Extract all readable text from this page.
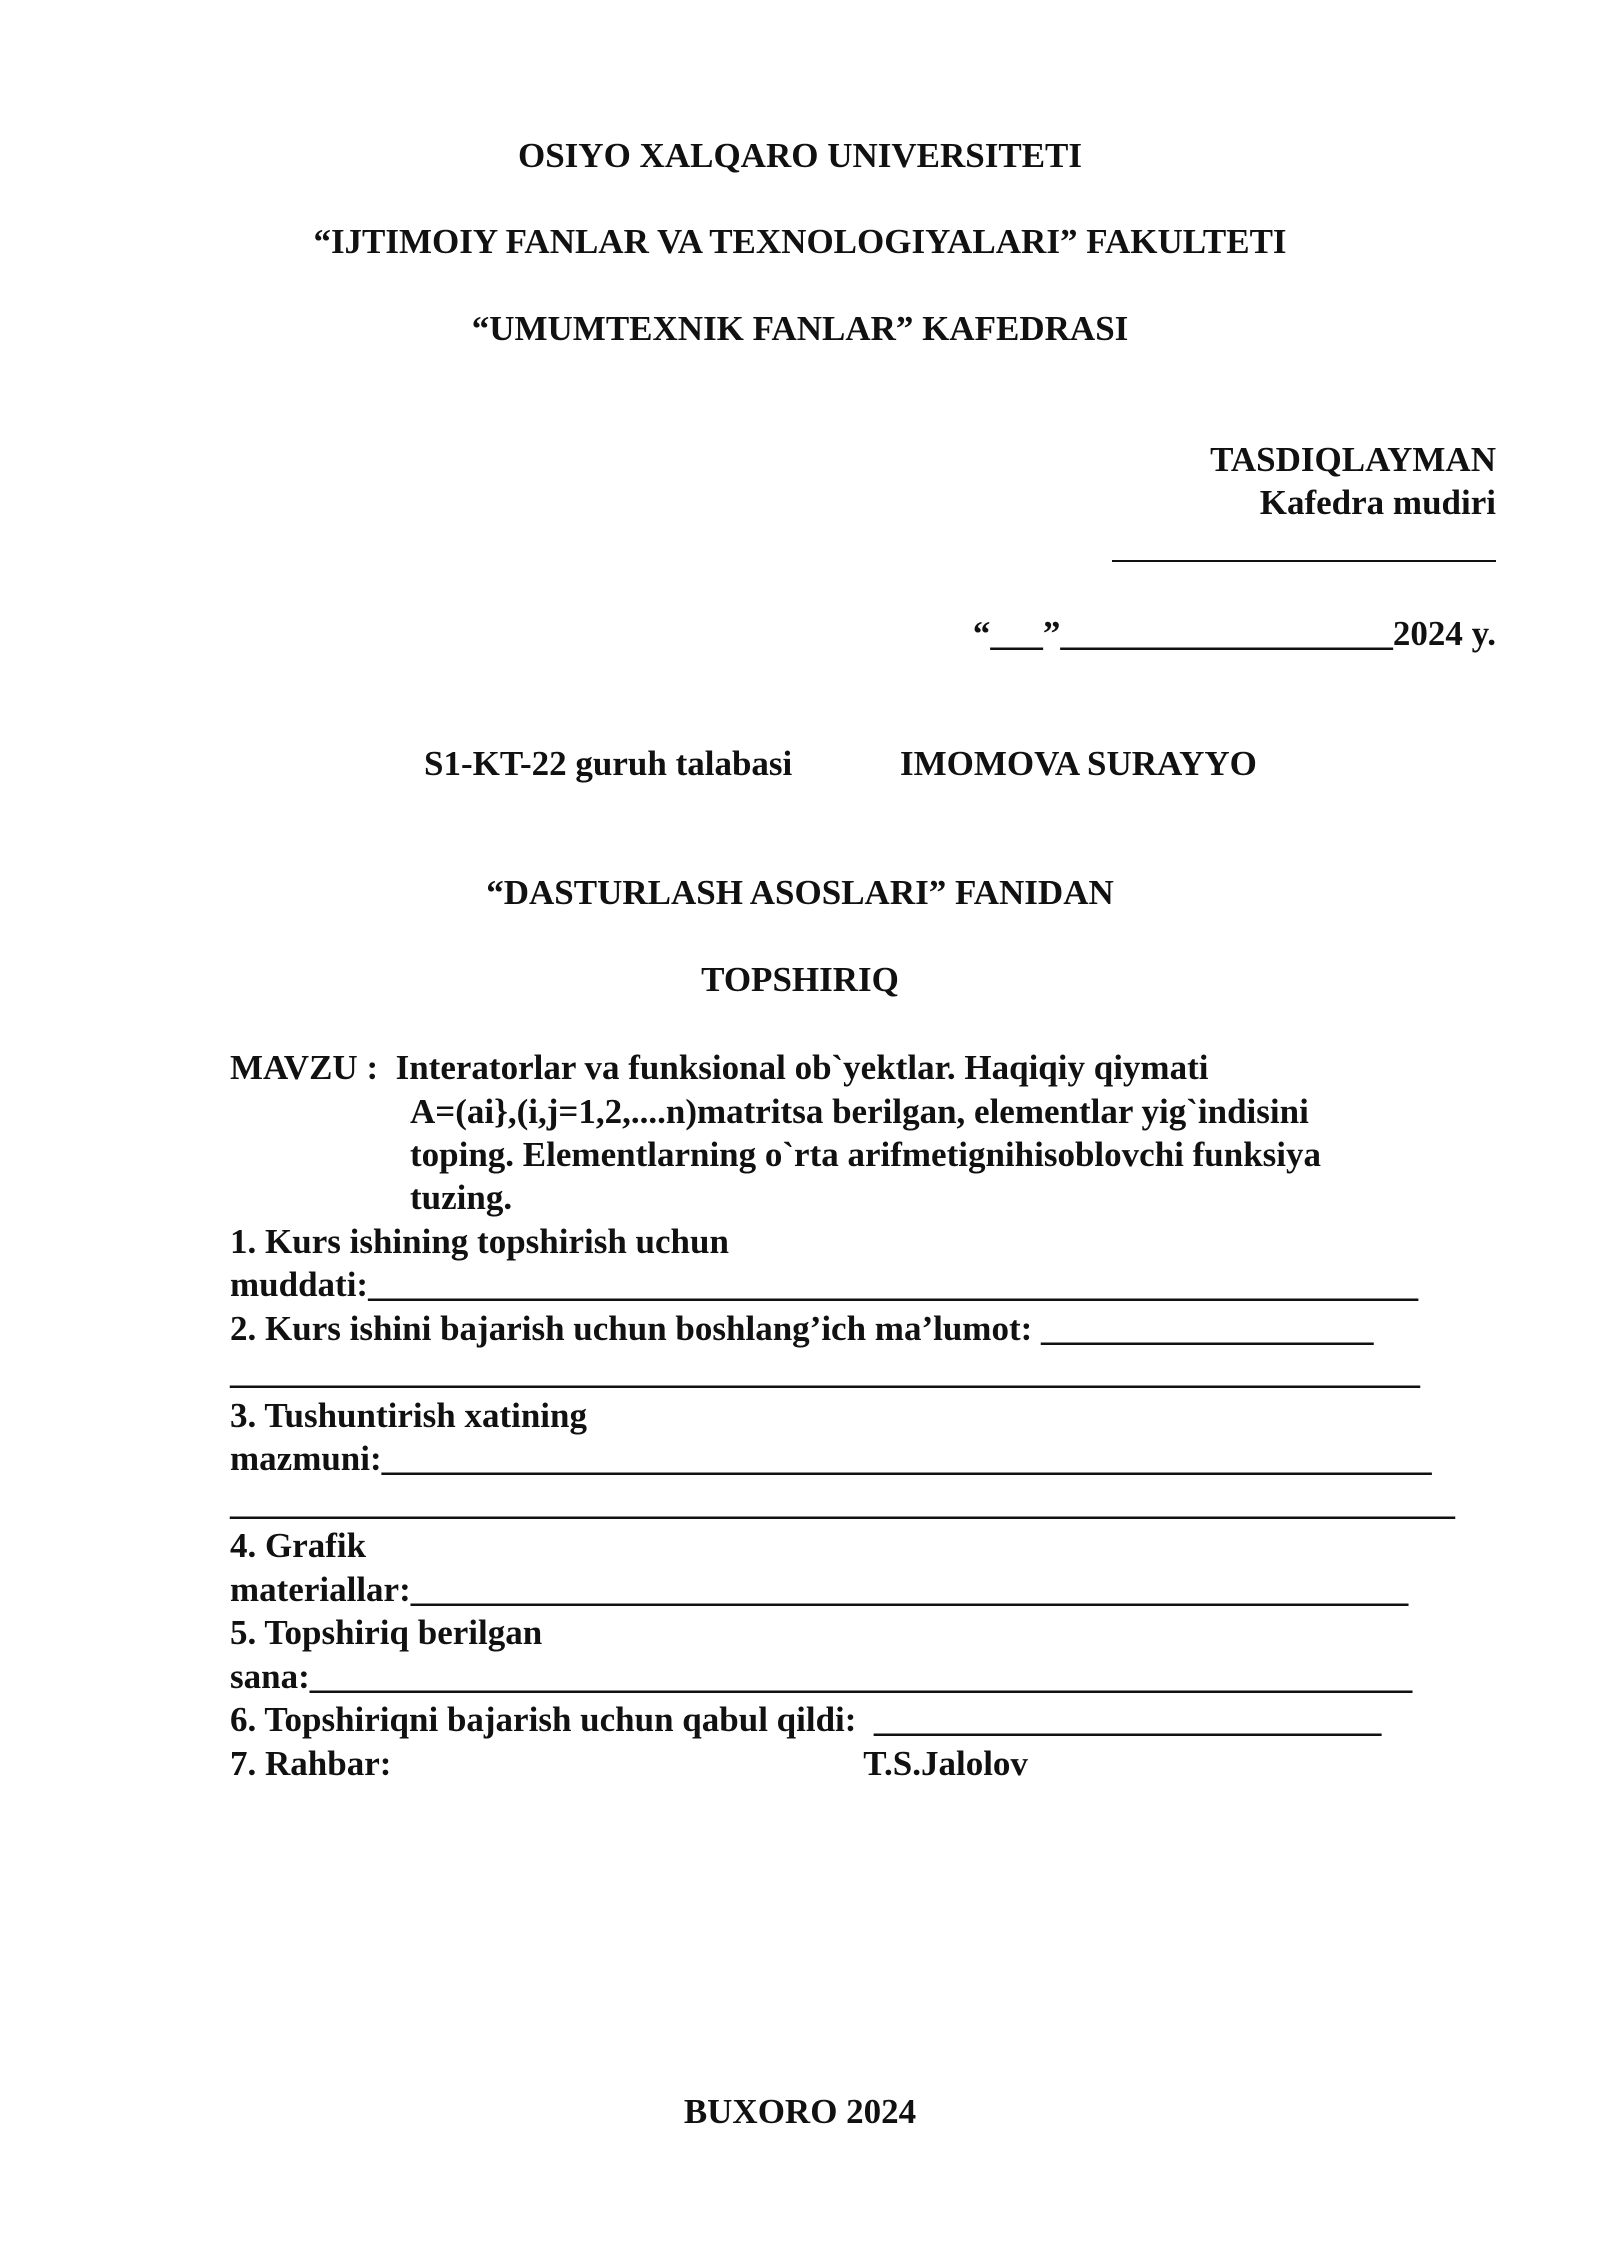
OSIYO XALQARO UNIVERSITETI

“IJTIMOIY FANLAR VA TEXNOLOGIYALARI” FAKULTETI

“UMUMTEXNIK FANLAR” KAFEDRASI

TASDIQLAYMAN

Kafedra mudiri

“___”___________________2024 y.

S1-KT-22 guruh talabasi	IMOMOVA SURAYYO

“DASTURLASH ASOSLARI” FANIDAN

TOPSHIRIQ

MAVZU :  Interatorlar va funksional ob`yektlar. Haqiqiy qiymati

A=(ai},(i,j=1,2,....n)matritsa berilgan, elementlar yig`indisini

toping. Elementlarning o`rta arifmetignihisoblovchi funksiya

tuzing.

1. Kurs ishining topshirish uchun

muddati:____________________________________________________________

2. Kurs ishini bajarish uchun boshlang’ich ma’lumot: ___________________

____________________________________________________________________

3. Tushuntirish xatining

mazmuni:____________________________________________________________

______________________________________________________________________

4. Grafik

materiallar:_________________________________________________________

5. Topshiriq berilgan

sana:_______________________________________________________________

6. Topshiriqni bajarish uchun qabul qildi:  _____________________________

7. Rahbar:                                                      T.S.Jalolov

BUXORO 2024
